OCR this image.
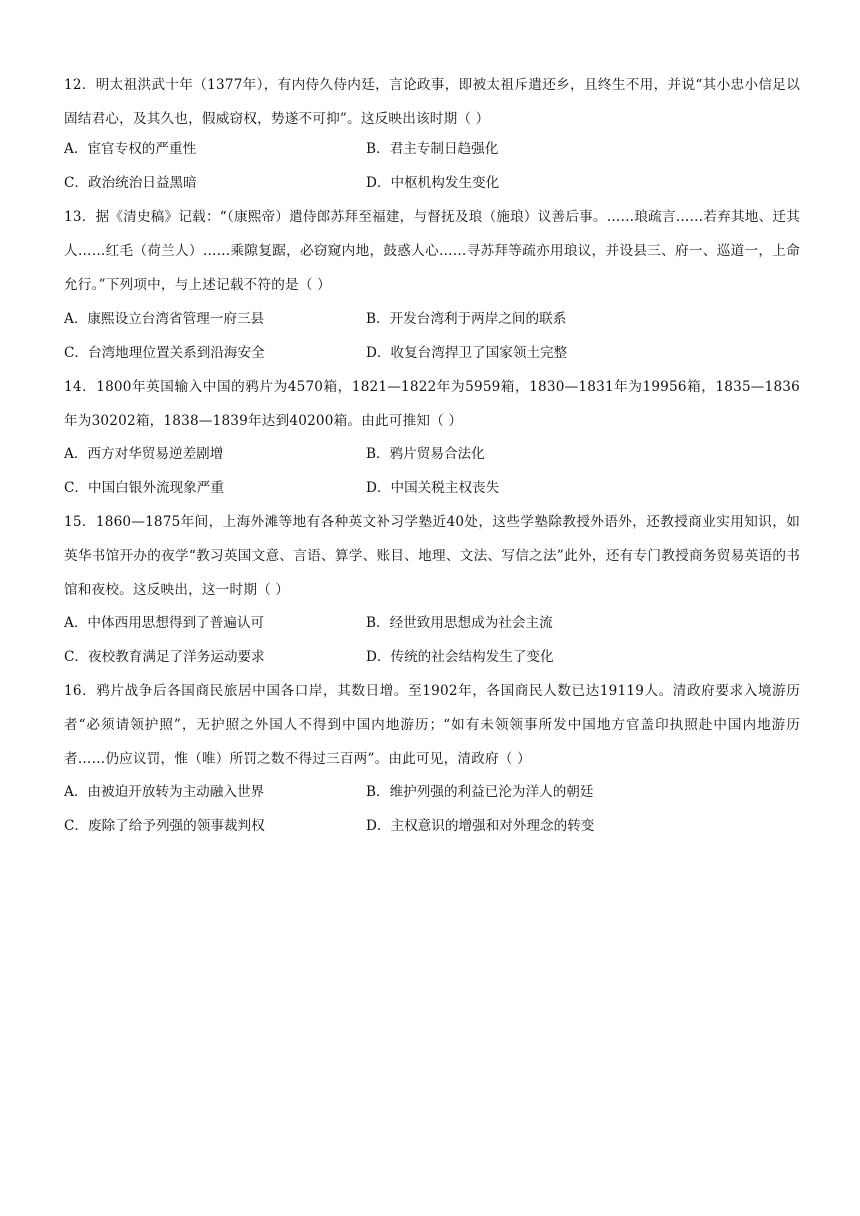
12．明太祖洪武十年（1377年），有内侍久侍内廷，言论政事，即被太祖斥遣还乡，且终生不用，并说“其小忠小信足以固结君心，及其久也，假威窃权，势遂不可抑”。这反映出该时期（ ）

A．宦官专权的严重性	B．君主专制日趋强化
C．政治统治日益黑暗	D．中枢机构发生变化

13．据《清史稿》记载：“（康熙帝）遣侍郎苏拜至福建，与督抚及琅（施琅）议善后事。……琅疏言……若弃其地、迁其人……红毛（荷兰人）……乘隙复踞，必窃窥内地，鼓惑人心……寻苏拜等疏亦用琅议，并设县三、府一、巡道一，上命允行。”下列项中，与上述记载不符的是（ ）

A．康熙设立台湾省管理一府三县	B．开发台湾利于两岸之间的联系
C．台湾地理位置关系到沿海安全	D．收复台湾捍卫了国家领土完整

14．1800年英国输入中国的鸦片为4570箱，1821—1822年为5959箱，1830—1831年为19956箱，1835—1836年为30202箱，1838—1839年达到40200箱。由此可推知（ ）

A．西方对华贸易逆差剧增	B．鸦片贸易合法化
C．中国白银外流现象严重	D．中国关税主权丧失

15．1860—1875年间，上海外滩等地有各种英文补习学塾近40处，这些学塾除教授外语外，还教授商业实用知识，如英华书馆开办的夜学“教习英国文意、言语、算学、账目、地理、文法、写信之法”此外，还有专门教授商务贸易英语的书馆和夜校。这反映出，这一时期（ ）

A．中体西用思想得到了普遍认可	B．经世致用思想成为社会主流
C．夜校教育满足了洋务运动要求	D．传统的社会结构发生了变化

16．鸦片战争后各国商民旅居中国各口岸，其数日增。至1902年，各国商民人数已达19119人。清政府要求入境游历者“必须请领护照”，无护照之外国人不得到中国内地游历；“如有未领领事所发中国地方官盖印执照赴中国内地游历者……仍应议罚，惟（唯）所罚之数不得过三百两”。由此可见，清政府（ ）

A．由被迫开放转为主动融入世界	B．维护列强的利益已沦为洋人的朝廷
C．废除了给予列强的领事裁判权	D．主权意识的增强和对外理念的转变
